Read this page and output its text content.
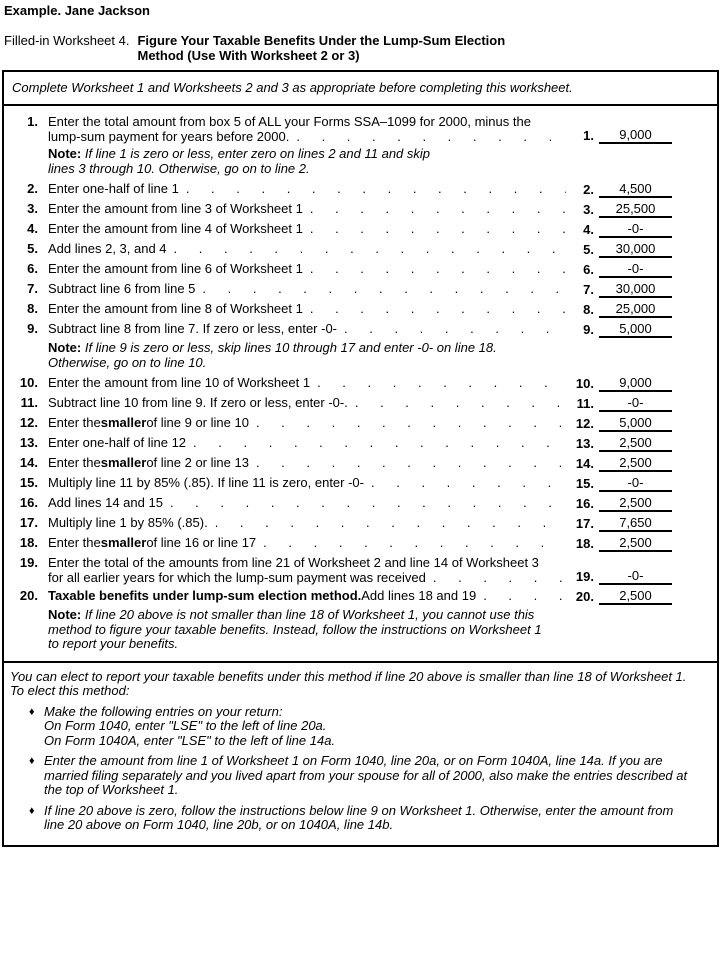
Example. Jane Jackson
Filled-in Worksheet 4. Figure Your Taxable Benefits Under the Lump-Sum Election
Method (Use With Worksheet 2 or 3)
Complete Worksheet 1 and Worksheets 2 and 3 as appropriate before completing this worksheet.
1. Enter the total amount from box 5 of ALL your Forms SSA–1099 for 2000, minus the
lump-sum payment for years before 2000. . . .	1.	9,000
Note: If line 1 is zero or less, enter zero on lines 2 and 11 and skip
lines 3 through 10. Otherwise, go on to line 2.
2. Enter one-half of line 1 . . .	2.	4,500
3. Enter the amount from line 3 of Worksheet 1 . . .	3.	25,500
4. Enter the amount from line 4 of Worksheet 1 . . .	4.	-0-
5. Add lines 2, 3, and 4 . . .	5.	30,000
6. Enter the amount from line 6 of Worksheet 1 . . .	6.	-0-
7. Subtract line 6 from line 5 . . .	7.	30,000
8. Enter the amount from line 8 of Worksheet 1 . . .	8.	25,000
9. Subtract line 8 from line 7. If zero or less, enter -0- . . .	9.	5,000
Note: If line 9 is zero or less, skip lines 10 through 17 and enter -0- on line 18.
Otherwise, go on to line 10.
10. Enter the amount from line 10 of Worksheet 1 . . .	10.	9,000
11. Subtract line 10 from line 9. If zero or less, enter -0-. . . .	11.	-0-
12. Enter the smaller of line 9 or line 10 . . .	12.	5,000
13. Enter one-half of line 12 . . .	13.	2,500
14. Enter the smaller of line 2 or line 13 . . .	14.	2,500
15. Multiply line 11 by 85% (.85). If line 11 is zero, enter -0- . . .	15.	-0-
16. Add lines 14 and 15 . . .	16.	2,500
17. Multiply line 1 by 85% (.85). . . .	17.	7,650
18. Enter the smaller of line 16 or line 17 . . .	18.	2,500
19. Enter the total of the amounts from line 21 of Worksheet 2 and line 14 of Worksheet 3
for all earlier years for which the lump-sum payment was received . . .	19.	-0-
20. Taxable benefits under lump-sum election method. Add lines 18 and 19 . . .	20.	2,500
Note: If line 20 above is not smaller than line 18 of Worksheet 1, you cannot use this
method to figure your taxable benefits. Instead, follow the instructions on Worksheet 1
to report your benefits.
You can elect to report your taxable benefits under this method if line 20 above is smaller than line 18 of Worksheet 1.
To elect this method:
♦ Make the following entries on your return:
On Form 1040, enter "LSE" to the left of line 20a.
On Form 1040A, enter "LSE" to the left of line 14a.
♦ Enter the amount from line 1 of Worksheet 1 on Form 1040, line 20a, or on Form 1040A, line 14a. If you are
married filing separately and you lived apart from your spouse for all of 2000, also make the entries described at
the top of Worksheet 1.
♦ If line 20 above is zero, follow the instructions below line 9 on Worksheet 1. Otherwise, enter the amount from
line 20 above on Form 1040, line 20b, or on 1040A, line 14b.
